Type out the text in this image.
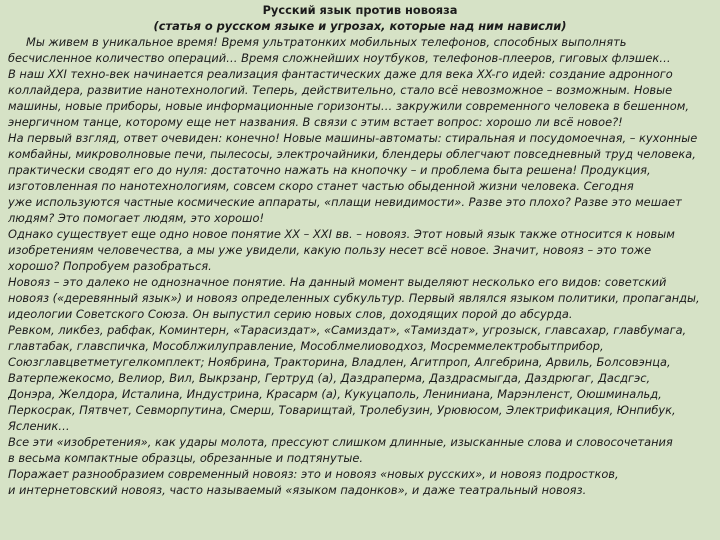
Русский язык против новояза
(статья о русском языке и угрозах, которые над ним нависли)
Мы живем в уникальное время! Время ультратонких мобильных телефонов, способных выполнять
бесчисленное количество операций… Время сложнейших ноутбуков, телефонов-плееров, гиговых флэшек…
В наш XXI техно-век начинается реализация фантастических даже для века XX-го идей: создание адронного
коллайдера, развитие нанотехнологий. Теперь, действительно, стало всё невозможное – возможным. Новые
машины, новые приборы, новые информационные горизонты… закружили современного человека в бешенном,
энергичном танце, которому еще нет названия. В связи с этим встает вопрос: хорошо ли всё новое?!
На первый взгляд, ответ очевиден: конечно! Новые машины-автоматы: стиральная и посудомоечная, – кухонные
комбайны, микроволновые печи, пылесосы, электрочайники, блендеры облегчают повседневный труд человека,
практически сводят его до нуля: достаточно нажать на кнопочку – и проблема быта решена! Продукция,
изготовленная по нанотехнологиям, совсем скоро станет частью обыденной жизни человека. Сегодня
уже используются частные космические аппараты, «плащи невидимости». Разве это плохо? Разве это мешает
людям? Это помогает людям, это хорошо!
Однако существует еще одно новое понятие XX – XXI вв. – новояз. Этот новый язык также относится к новым
изобретениям человечества, а мы уже увидели, какую пользу несет всё новое. Значит, новояз – это тоже
хорошо? Попробуем разобраться.
Новояз – это далеко не однозначное понятие. На данный момент выделяют несколько его видов: советский
новояз («деревянный язык») и новояз определенных субкультур. Первый являлся языком политики, пропаганды,
идеологии Советского Союза. Он выпустил серию новых слов, доходящих порой до абсурда.
Ревком, ликбез, рабфак, Коминтерн, «Тарасиздат», «Самиздат», «Тамиздат», угрозыск, главсахар, главбумага,
главтабак, главспичка, Мособлжилуправление, Мособлмелиоводхоз, Мосреммелектробытприбор,
Союзглавцветметугелкомплект; Ноябрина, Тракторина, Владлен, Агитпроп, Алгебрина, Арвиль, Болсовэнца,
Ватерпежекосмо, Велиор, Вил, Выкрзанр, Гертруд (а), Даздраперма, Даздрасмыгда, Даздрюгаг, Дасдгэс,
Донэра, Желдора, Исталина, Индустрина, Красарм (а), Кукуцаполь, Лениниана, Марэнленст, Оюшминальд,
Перкосрак, Пятвчет, Севморпутина, Смерш, Товарищтай, Тролебузин, Урювюсом, Электрификация, Юнпибук,
Ясленик…
Все эти «изобретения», как удары молота, прессуют слишком длинные, изысканные слова и словосочетания
в весьма компактные образцы, обрезанные и подтянутые.
Поражает разнообразием современный новояз: это и новояз «новых русских», и новояз подростков,
и интернетовский новояз, часто называемый «языком падонков», и даже театральный новояз.
